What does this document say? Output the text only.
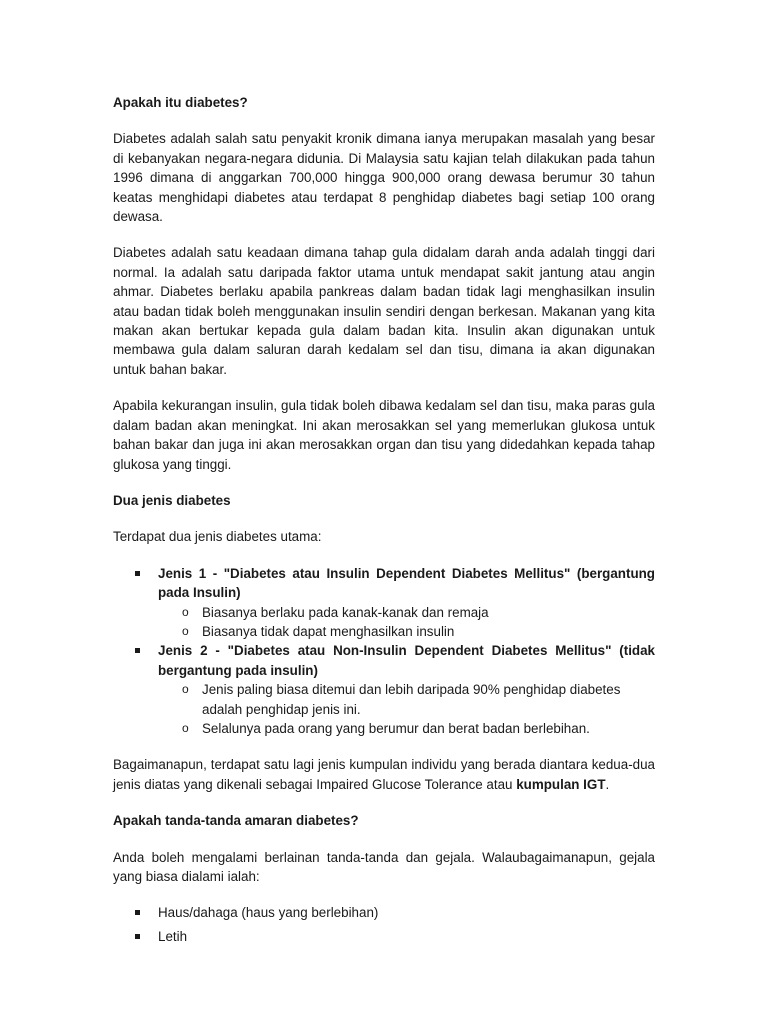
Apakah itu diabetes?

Diabetes adalah salah satu penyakit kronik dimana ianya merupakan masalah yang besar di kebanyakan negara-negara didunia. Di Malaysia satu kajian telah dilakukan pada tahun 1996 dimana di anggarkan 700,000 hingga 900,000 orang dewasa berumur 30 tahun keatas menghidapi diabetes atau terdapat 8 penghidap diabetes bagi setiap 100 orang dewasa.

Diabetes adalah satu keadaan dimana tahap gula didalam darah anda adalah tinggi dari normal. Ia adalah satu daripada faktor utama untuk mendapat sakit jantung atau angin ahmar. Diabetes berlaku apabila pankreas dalam badan tidak lagi menghasilkan insulin atau badan tidak boleh menggunakan insulin sendiri dengan berkesan. Makanan yang kita makan akan bertukar kepada gula dalam badan kita. Insulin akan digunakan untuk membawa gula dalam saluran darah kedalam sel dan tisu, dimana ia akan digunakan untuk bahan bakar.

Apabila kekurangan insulin, gula tidak boleh dibawa kedalam sel dan tisu, maka paras gula dalam badan akan meningkat. Ini akan merosakkan sel yang memerlukan glukosa untuk bahan bakar dan juga ini akan merosakkan organ dan tisu yang didedahkan kepada tahap glukosa yang tinggi.

Dua jenis diabetes

Terdapat dua jenis diabetes utama:

Jenis 1 - "Diabetes atau Insulin Dependent Diabetes Mellitus" (bergantung pada Insulin)
o Biasanya berlaku pada kanak-kanak dan remaja
o Biasanya tidak dapat menghasilkan insulin
Jenis 2 - "Diabetes atau Non-Insulin Dependent Diabetes Mellitus" (tidak bergantung pada insulin)
o Jenis paling biasa ditemui dan lebih daripada 90% penghidap diabetes adalah penghidap jenis ini.
o Selalunya pada orang yang berumur dan berat badan berlebihan.

Bagaimanapun, terdapat satu lagi jenis kumpulan individu yang berada diantara kedua-dua jenis diatas yang dikenali sebagai Impaired Glucose Tolerance atau kumpulan IGT.

Apakah tanda-tanda amaran diabetes?

Anda boleh mengalami berlainan tanda-tanda dan gejala. Walaubagaimanapun, gejala yang biasa dialami ialah:

Haus/dahaga (haus yang berlebihan)
Letih
